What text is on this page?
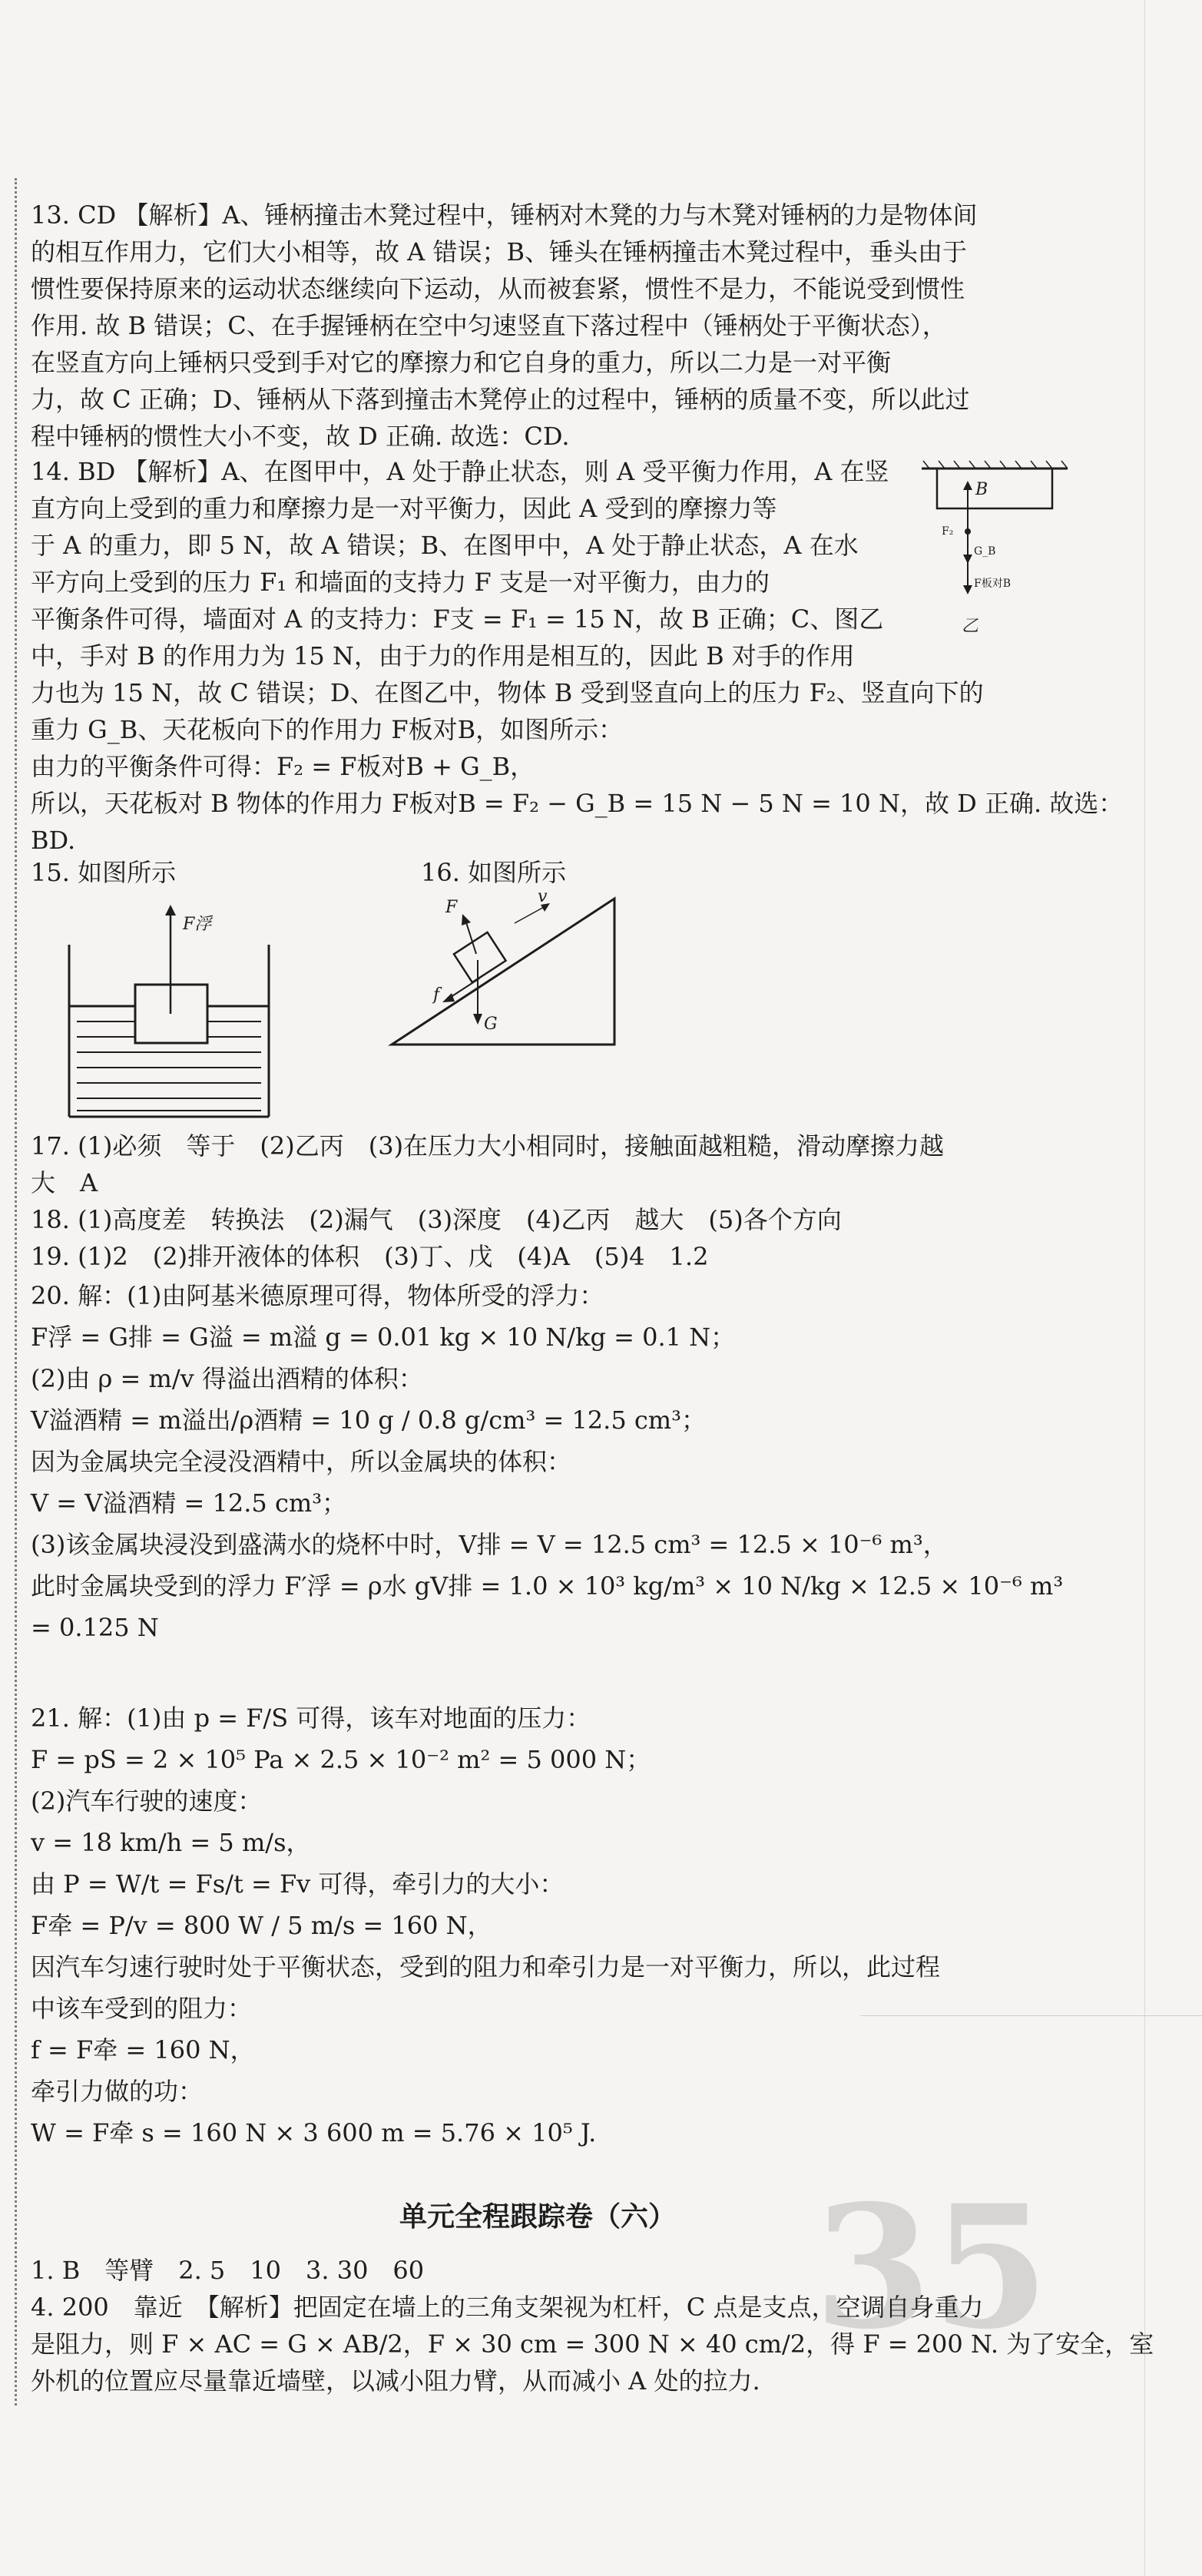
13. CD 【解析】A、锤柄撞击木凳过程中，锤柄对木凳的力与木凳对锤柄的力是物体间
的相互作用力，它们大小相等，故 A 错误；B、锤头在锤柄撞击木凳过程中，垂头由于
惯性要保持原来的运动状态继续向下运动，从而被套紧，惯性不是力，不能说受到惯性
作用. 故 B 错误；C、在手握锤柄在空中匀速竖直下落过程中（锤柄处于平衡状态），
在竖直方向上锤柄只受到手对它的摩擦力和它自身的重力，所以二力是一对平衡
力，故 C 正确；D、锤柄从下落到撞击木凳停止的过程中，锤柄的质量不变，所以此过
程中锤柄的惯性大小不变，故 D 正确. 故选：CD.
14. BD 【解析】A、在图甲中，A 处于静止状态，则 A 受平衡力作用，A 在竖
直方向上受到的重力和摩擦力是一对平衡力，因此 A 受到的摩擦力等
于 A 的重力，即 5 N，故 A 错误；B、在图甲中，A 处于静止状态，A 在水
平方向上受到的压力 F₁ 和墙面的支持力 F 支是一对平衡力，由力的
平衡条件可得，墙面对 A 的支持力：F支 = F₁ = 15 N，故 B 正确；C、图乙
中，手对 B 的作用力为 15 N，由于力的作用是相互的，因此 B 对手的作用
力也为 15 N，故 C 错误；D、在图乙中，物体 B 受到竖直向上的压力 F₂、竖直向下的
重力 G_B、天花板向下的作用力 F板对B，如图所示：
由力的平衡条件可得：F₂ = F板对B + G_B，
所以，天花板对 B 物体的作用力 F板对B = F₂ − G_B = 15 N − 5 N = 10 N，故 D 正确. 故选：
BD.
B
F₂
G_B
F板对B
乙
15. 如图所示	16. 如图所示
F浮
F
v
f
G
17. (1)必须　等于　(2)乙丙　(3)在压力大小相同时，接触面越粗糙，滑动摩擦力越
大　A
18. (1)高度差　转换法　(2)漏气　(3)深度　(4)乙丙　越大　(5)各个方向
19. (1)2　(2)排开液体的体积　(3)丁、戊　(4)A　(5)4　1.2
20. 解：(1)由阿基米德原理可得，物体所受的浮力：
F浮 = G排 = G溢 = m溢 g = 0.01 kg × 10 N/kg = 0.1 N；
(2)由 ρ = m/v 得溢出酒精的体积：
V溢酒精 = m溢出/ρ酒精 = 10 g / 0.8 g/cm³ = 12.5 cm³；
因为金属块完全浸没酒精中，所以金属块的体积：
V = V溢酒精 = 12.5 cm³；
(3)该金属块浸没到盛满水的烧杯中时，V排 = V = 12.5 cm³ = 12.5 × 10⁻⁶ m³，
此时金属块受到的浮力 F′浮 = ρ水 gV排 = 1.0 × 10³ kg/m³ × 10 N/kg × 12.5 × 10⁻⁶ m³
= 0.125 N
21. 解：(1)由 p = F/S 可得，该车对地面的压力：
F = pS = 2 × 10⁵ Pa × 2.5 × 10⁻² m² = 5 000 N；
(2)汽车行驶的速度：
v = 18 km/h = 5 m/s，
由 P = W/t = Fs/t = Fv 可得，牵引力的大小：
F牵 = P/v = 800 W / 5 m/s = 160 N，
因汽车匀速行驶时处于平衡状态，受到的阻力和牵引力是一对平衡力，所以，此过程
中该车受到的阻力：
f = F牵 = 160 N，
牵引力做的功：
W = F牵 s = 160 N × 3 600 m = 5.76 × 10⁵ J.
35
单元全程跟踪卷（六）
1. B　等臂　2. 5　10　3. 30　60
4. 200　靠近　【解析】把固定在墙上的三角支架视为杠杆，C 点是支点，空调自身重力
是阻力，则 F × AC = G × AB/2，F × 30 cm = 300 N × 40 cm/2，得 F = 200 N. 为了安全，室
外机的位置应尽量靠近墙壁，以减小阻力臂，从而减小 A 处的拉力.
